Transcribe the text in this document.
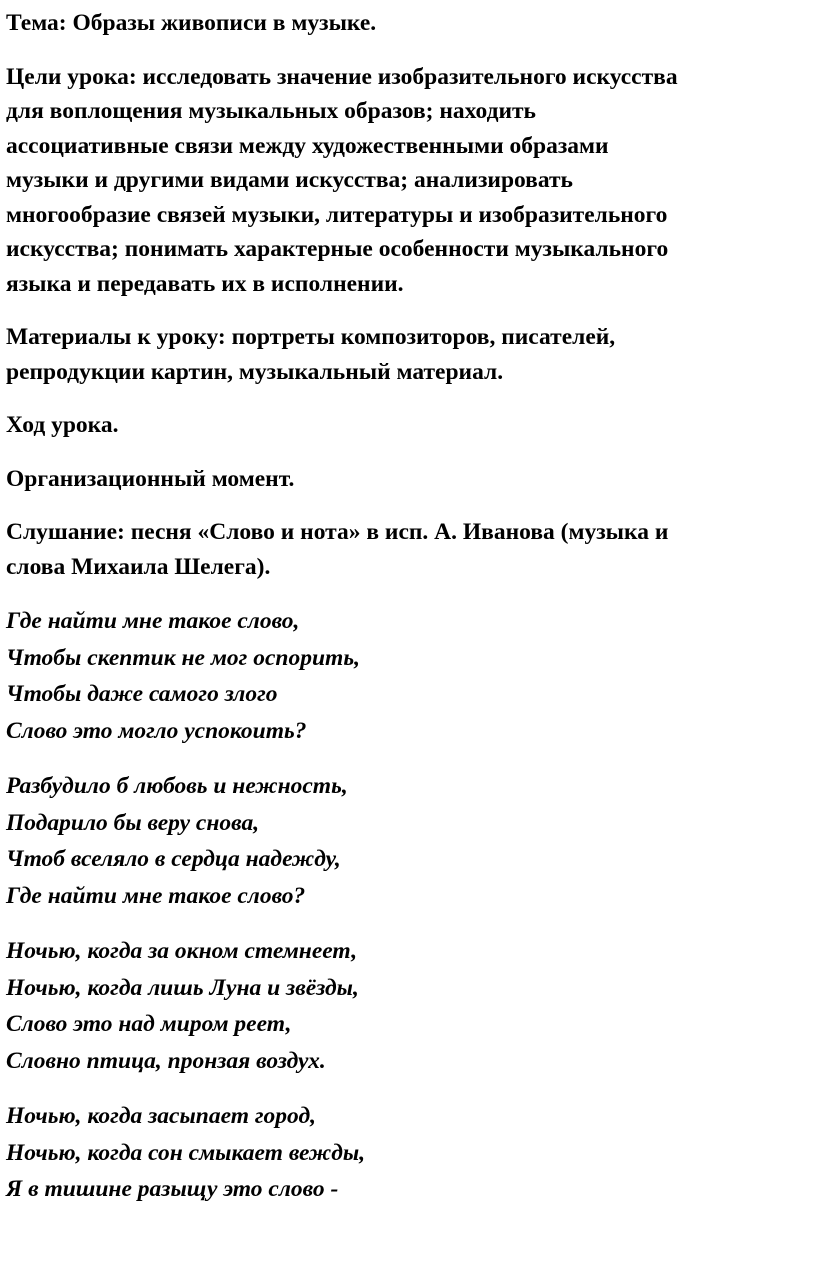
Тема: Образы живописи в музыке.
Цели урока: исследовать значение изобразительного искусства
для воплощения музыкальных образов; находить
ассоциативные связи между художественными образами
музыки и другими видами искусства; анализировать
многообразие связей музыки, литературы и изобразительного
искусства; понимать характерные особенности музыкального
языка и передавать их в исполнении.
Материалы к уроку: портреты композиторов, писателей,
репродукции картин, музыкальный материал.
Ход урока.
Организационный момент.
Слушание: песня «Слово и нота» в исп. А. Иванова (музыка и
слова Михаила Шелега).
Где найти мне такое слово,
Чтобы скептик не мог оспорить,
Чтобы даже самого злого
Слово это могло успокоить?
Разбудило б любовь и нежность,
Подарило бы веру снова,
Чтоб вселяло в сердца надежду,
Где найти мне такое слово?
Ночью, когда за окном стемнеет,
Ночью, когда лишь Луна и звёзды,
Слово это над миром реет,
Словно птица, пронзая воздух.
Ночью, когда засыпает город,
Ночью, когда сон смыкает вежды,
Я в тишине разыщу это слово -
